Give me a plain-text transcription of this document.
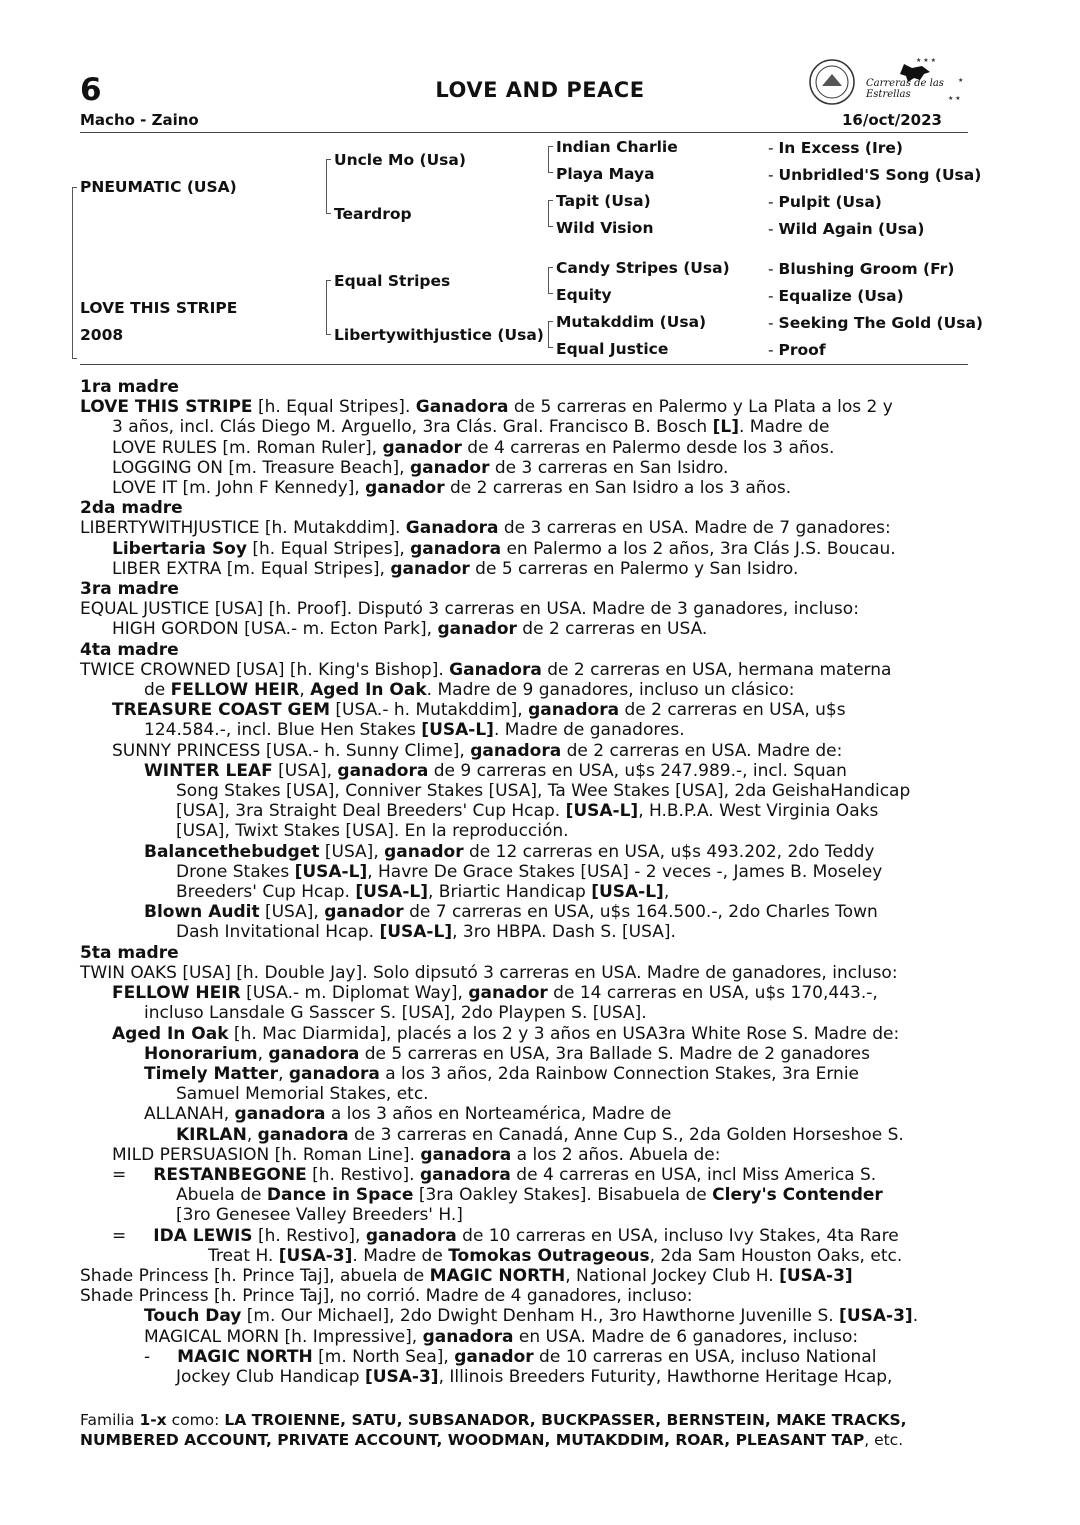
6	LOVE AND PEACE
★ ★ ★
★
★ ★
Carreras de las Estrellas
Macho - Zaino	16/oct/2023
PNEUMATIC (USA)
LOVE THIS STRIPE
2008
Uncle Mo (Usa)
Teardrop
Equal Stripes
Libertywithjustice (Usa)
Indian Charlie
Playa Maya
Tapit (Usa)
Wild Vision
Candy Stripes (Usa)
Equity
Mutakddim (Usa)
Equal Justice
- In Excess (Ire)
- Unbridled'S Song (Usa)
- Pulpit (Usa)
- Wild Again (Usa)
- Blushing Groom (Fr)
- Equalize (Usa)
- Seeking The Gold (Usa)
- Proof

1ra madre

LOVE THIS STRIPE [h. Equal Stripes]. Ganadora de 5 carreras en Palermo y La Plata a los 2 y
3 años, incl. Clás Diego M. Arguello, 3ra Clás. Gral. Francisco B. Bosch [L]. Madre de

LOVE RULES [m. Roman Ruler], ganador de 4 carreras en Palermo desde los 3 años.

LOGGING ON [m. Treasure Beach], ganador de 3 carreras en San Isidro.

LOVE IT [m. John F Kennedy], ganador de 2 carreras en San Isidro a los 3 años.

2da madre

LIBERTYWITHJUSTICE [h. Mutakddim]. Ganadora de 3 carreras en USA. Madre de 7 ganadores:

Libertaria Soy [h. Equal Stripes], ganadora en Palermo a los 2 años, 3ra Clás J.S. Boucau.

LIBER EXTRA [m. Equal Stripes], ganador de 5 carreras en Palermo y San Isidro.

3ra madre

EQUAL JUSTICE [USA] [h. Proof]. Disputó 3 carreras en USA. Madre de 3 ganadores, incluso:

HIGH GORDON [USA.- m. Ecton Park], ganador de 2 carreras en USA.

4ta madre

TWICE CROWNED [USA] [h. King's Bishop]. Ganadora de 2 carreras en USA, hermana materna
de FELLOW HEIR, Aged In Oak. Madre de 9 ganadores, incluso un clásico:

TREASURE COAST GEM [USA.- h. Mutakddim], ganadora de 2 carreras en USA, u$s
124.584.-, incl. Blue Hen Stakes [USA-L]. Madre de ganadores.

SUNNY PRINCESS [USA.- h. Sunny Clime], ganadora de 2 carreras en USA. Madre de:

WINTER LEAF [USA], ganadora de 9 carreras en USA, u$s 247.989.-, incl. Squan
Song Stakes [USA], Conniver Stakes [USA], Ta Wee Stakes [USA], 2da GeishaHandicap
[USA], 3ra Straight Deal Breeders' Cup Hcap. [USA-L], H.B.P.A. West Virginia Oaks
[USA], Twixt Stakes [USA]. En la reproducción.

Balancethebudget [USA], ganador de 12 carreras en USA, u$s 493.202, 2do Teddy
Drone Stakes [USA-L], Havre De Grace Stakes [USA] - 2 veces -, James B. Moseley
Breeders' Cup Hcap. [USA-L], Briartic Handicap [USA-L],

Blown Audit [USA], ganador de 7 carreras en USA, u$s 164.500.-, 2do Charles Town
Dash Invitational Hcap. [USA-L], 3ro HBPA. Dash S. [USA].

5ta madre

TWIN OAKS [USA] [h. Double Jay]. Solo dipsutó 3 carreras en USA. Madre de ganadores, incluso:

FELLOW HEIR [USA.- m. Diplomat Way], ganador de 14 carreras en USA, u$s 170,443.-,
incluso Lansdale G Sasscer S. [USA], 2do Playpen S. [USA].

Aged In Oak [h. Mac Diarmida], placés a los 2 y 3 años en USA3ra White Rose S. Madre de:

Honorarium, ganadora de 5 carreras en USA, 3ra Ballade S. Madre de 2 ganadores

Timely Matter, ganadora a los 3 años, 2da Rainbow Connection Stakes, 3ra Ernie
Samuel Memorial Stakes, etc.

ALLANAH, ganadora a los 3 años en Norteamérica, Madre de

KIRLAN, ganadora de 3 carreras en Canadá, Anne Cup S., 2da Golden Horseshoe S.

MILD PERSUASION [h. Roman Line]. ganadora a los 2 años. Abuela de:

=     RESTANBEGONE [h. Restivo]. ganadora de 4 carreras en USA, incl Miss America S.
Abuela de Dance in Space [3ra Oakley Stakes]. Bisabuela de Clery's Contender
[3ro Genesee Valley Breeders' H.]

=     IDA LEWIS [h. Restivo], ganadora de 10 carreras en USA, incluso Ivy Stakes, 4ta Rare
Treat H. [USA-3]. Madre de Tomokas Outrageous, 2da Sam Houston Oaks, etc.

Shade Princess [h. Prince Taj], abuela de MAGIC NORTH, National Jockey Club H. [USA-3]

Shade Princess [h. Prince Taj], no corrió. Madre de 4 ganadores, incluso:

Touch Day [m. Our Michael], 2do Dwight Denham H., 3ro Hawthorne Juvenille S. [USA-3].

MAGICAL MORN [h. Impressive], ganadora en USA. Madre de 6 ganadores, incluso:

-     MAGIC NORTH [m. North Sea], ganador de 10 carreras en USA, incluso National
Jockey Club Handicap [USA-3], Illinois Breeders Futurity, Hawthorne Heritage Hcap,

Familia 1-x como: LA TROIENNE, SATU, SUBSANADOR, BUCKPASSER, BERNSTEIN, MAKE TRACKS, NUMBERED ACCOUNT, PRIVATE ACCOUNT, WOODMAN, MUTAKDDIM, ROAR, PLEASANT TAP, etc.
